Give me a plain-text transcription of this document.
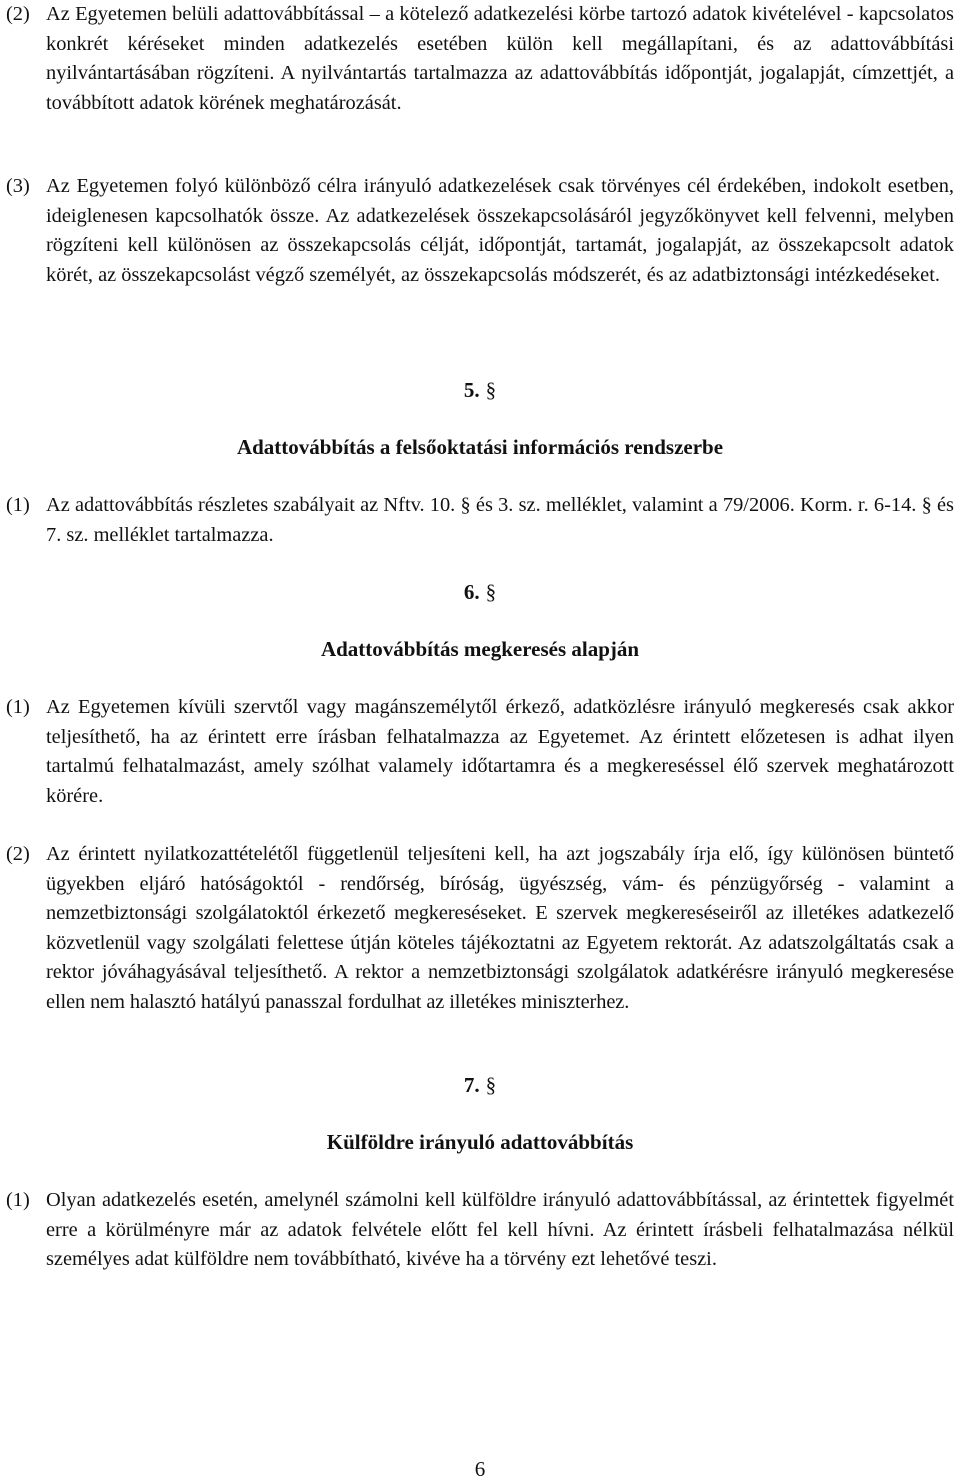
(2) Az Egyetemen belüli adattovábbítással – a kötelező adatkezelési körbe tartozó adatok kivételével - kapcsolatos konkrét kéréseket minden adatkezelés esetében külön kell megállapítani, és az adattovábbítási nyilvántartásában rögzíteni. A nyilvántartás tartalmazza az adattovábbítás időpontját, jogalapját, címzettjét, a továbbított adatok körének meghatározását.
(3) Az Egyetemen folyó különböző célra irányuló adatkezelések csak törvényes cél érdekében, indokolt esetben, ideiglenesen kapcsolhatók össze. Az adatkezelések összekapcsolásáról jegyzőkönyvet kell felvenni, melyben rögzíteni kell különösen az összekapcsolás célját, időpontját, tartamát, jogalapját, az összekapcsolt adatok körét, az összekapcsolást végző személyét, az összekapcsolás módszerét, és az adatbiztonsági intézkedéseket.
5. §
Adattovábbítás a felsőoktatási információs rendszerbe
(1) Az adattovábbítás részletes szabályait az Nftv. 10. § és 3. sz. melléklet, valamint a 79/2006. Korm. r. 6-14. § és 7. sz. melléklet tartalmazza.
6. §
Adattovábbítás megkeresés alapján
(1) Az Egyetemen kívüli szervtől vagy magánszemélytől érkező, adatközlésre irányuló megkeresés csak akkor teljesíthető, ha az érintett erre írásban felhatalmazza az Egyetemet. Az érintett előzetesen is adhat ilyen tartalmú felhatalmazást, amely szólhat valamely időtartamra és a megkereséssel élő szervek meghatározott körére.
(2) Az érintett nyilatkozattételétől függetlenül teljesíteni kell, ha azt jogszabály írja elő, így különösen büntető ügyekben eljáró hatóságoktól - rendőrség, bíróság, ügyészség, vám- és pénzügyőrség - valamint a nemzetbiztonsági szolgálatoktól érkezető megkereséseket. E szervek megkereséseiről az illetékes adatkezelő közvetlenül vagy szolgálati felettese útján köteles tájékoztatni az Egyetem rektorát. Az adatszolgáltatás csak a rektor jóváhagyásával teljesíthető. A rektor a nemzetbiztonsági szolgálatok adatkérésre irányuló megkeresése ellen nem halasztó hatályú panasszal fordulhat az illetékes miniszterhez.
7. §
Külföldre irányuló adattovábbítás
(1) Olyan adatkezelés esetén, amelynél számolni kell külföldre irányuló adattovábbítással, az érintettek figyelmét erre a körülményre már az adatok felvétele előtt fel kell hívni. Az érintett írásbeli felhatalmazása nélkül személyes adat külföldre nem továbbítható, kivéve ha a törvény ezt lehetővé teszi.
6
